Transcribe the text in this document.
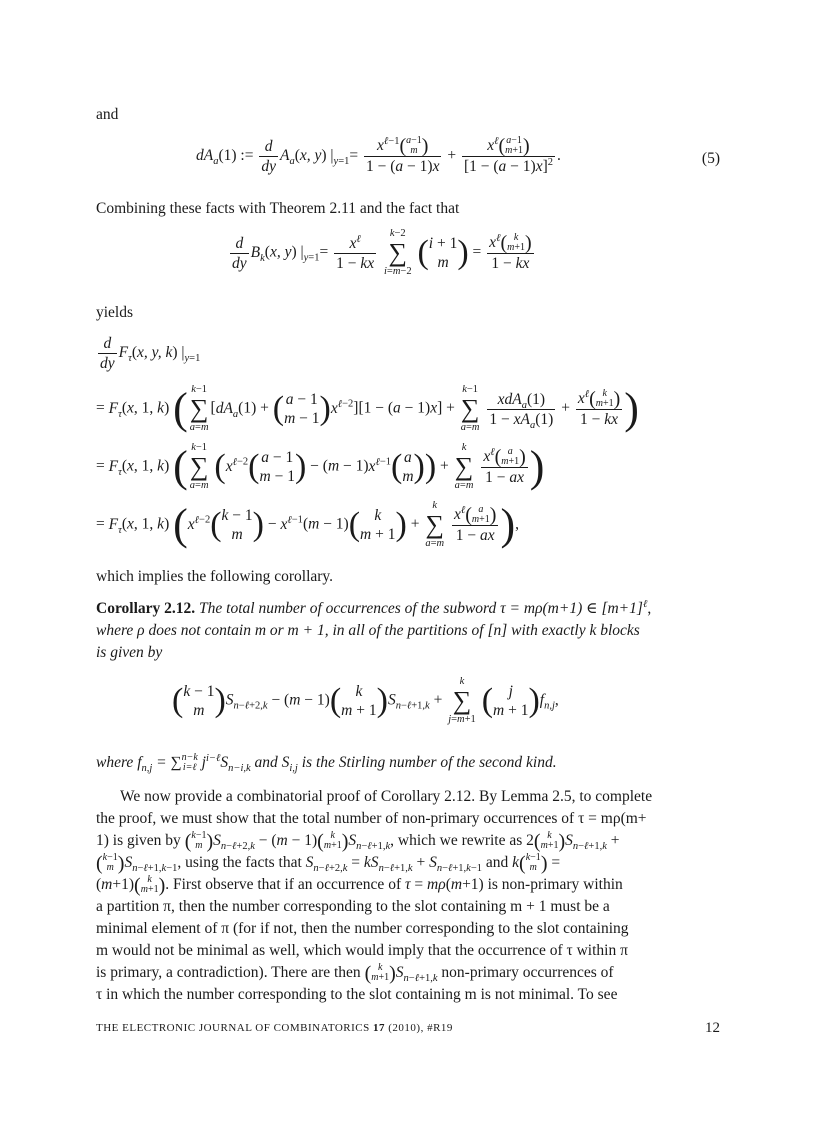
and
$dA_a(1)$ := $\frac{d}{dy} A_a(x$, y) $|_{y=1}= x^{\ell-1}$( a−1
m )
$1 - (a - 1)x + x^\ell$( a−1
m+1 )
$[1 - (a - 1)x]^2$ .	(5)
Combining these facts with Theorem 2.11 and the fact that
$\frac{d}{dy} B_k(x$, y) $|_{y=1}= \frac{x^\ell}{1 - kx}$
	k−2
∑
i=m−2
( i + 1
m ) = $x^\ell$( k
m+1 )
1 − kx
yields
$\frac{d}{dy} F_\tau(x$, y, k) $|_{y=1}$
= $F_\tau(x$, 1, k) ( k−1
∑
a=m
[$dA_a(1)$ + ( a − 1
m − 1 )$x^{\ell-2}][1 - (a - 1)x]$ +
k−1
∑
a=m
$\frac{xdA_a(1)}{1 - xA_a(1)} + x^\ell$( k
m+1 )
1 − kx )
= $F_\tau(x$, 1, k) ( k−1
∑
a=m
($x^{\ell-2}$( a − 1
m − 1 ) − $(m - 1)x^{\ell-1}$( a
m )) +
k
∑
a=m
$x^\ell$( a
m+1 )
1 − ax )
= $F_\tau(x$, 1, k) ($x^{\ell-2}$( k − 1
m ) − $x^{\ell-1}(m - 1)$( k
m + 1 ) +
k
∑
a=m
$x^\ell$( a
m+1 )
1 − ax ),
which implies the following corollary.
Corollary 2.12. The total number of occurrences of the subword τ = mρ(m+1) ∈ $[m+1]^\ell$,
where ρ does not contain m or m + 1, in all of the partitions of [n] with exactly k blocks
is given by
( k − 1
m )$S_{n-\ell+2,k} - (m - 1)$( k
m + 1 )$S_{n-\ell+1,k}$ +
k
∑
j=m+1
(	j
m + 1 )$f_{n,j}$,
where $f_{n,j}$ = ∑ n−k
i=ℓ $j^{i-\ell}S_{n-i,k}$ and $S_{i,j}$ is the Stirling number of the second kind.
We now provide a combinatorial proof of Corollary 2.12. By Lemma 2.5, to complete
the proof, we must show that the total number of non-primary occurrences of τ = mρ(m+
1) is given by ( k−1
m )$S_{n-\ell+2,k} - (m - 1)$( k
m+1 )$S_{n-\ell+1,k}$, which we rewrite as 2( k
m+1 )$S_{n-\ell+1,k}$ +
( k−1
m )$S_{n-\ell+1,k-1}$, using the facts that $S_{n-\ell+2,k} = kS_{n-\ell+1,k} + S_{n-\ell+1,k-1}$ and k( k−1
m ) =
(m+1)( k
m+1 ). First observe that if an occurrence of τ = mρ(m+1) is non-primary within
a partition π, then the number corresponding to the slot containing m + 1 must be a
minimal element of π (for if not, then the number corresponding to the slot containing
m would not be minimal as well, which would imply that the occurrence of τ within π
is primary, a contradiction). There are then ( k
m+1 )$S_{n-\ell+1,k}$ non-primary occurrences of
τ in which the number corresponding to the slot containing m is not minimal. To see
THE ELECTRONIC JOURNAL OF COMBINATORICS 17 (2010), #R19	12
